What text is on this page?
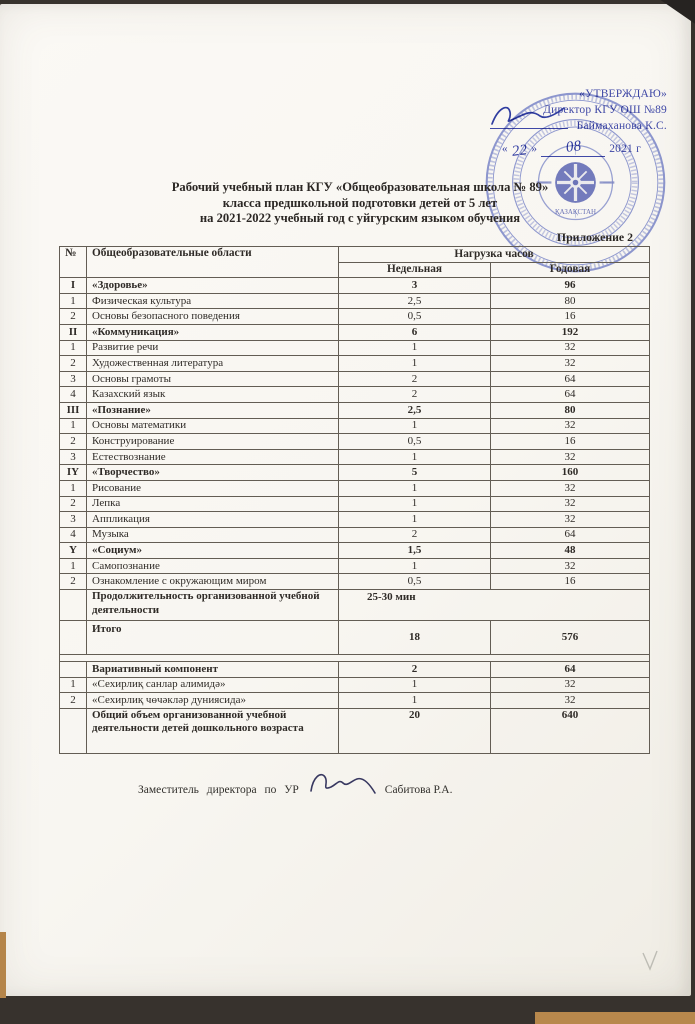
«УТВЕРЖДАЮ»
Директор КГУ ОШ №89
Баймаханова К.С.
« 22 »	08	2021 г
ҚАЗАҚСТАН
Рабочий учебный план КГУ «Общеобразовательная школа № 89»
класса предшкольной подготовки детей от 5 лет
на 2021-2022 учебный год с уйгурским языком обучения
Приложение 2
№	Общеобразовательные области	Нагрузка часов	
		Недельная	Годовая
I	«Здоровье»	3	96
1	Физическая культура	2,5	80
2	Основы безопасного поведения	0,5	16
II	«Коммуникация»	6	192
1	Развитие речи	1	32
2	Художественная литература	1	32
3	Основы грамоты	2	64
4	Казахский язык	2	64
III	«Познание»	2,5	80
1	Основы математики	1	32
2	Конструирование	0,5	16
3	Естествознание	1	32
IY	«Творчество»	5	160
1	Рисование	1	32
2	Лепка	1	32
3	Аппликация	1	32
4	Музыка	2	64
Y	«Социум»	1,5	48
1	Самопознание	1	32
2	Ознакомление с окружающим миром	0,5	16
	Продолжительность организованной учебной деятельности	25-30 мин	
	Итого	18	576

	Вариативный компонент	2	64
1	«Сехирлиқ санлар алимидә»	1	32
2	«Сехирлиқ чөчәкләр дуниясида»	1	32
	Общий объем организованной учебной деятельности детей дошкольного возраста	20	640
Заместитель директора по УР	Сабитова Р.А.
